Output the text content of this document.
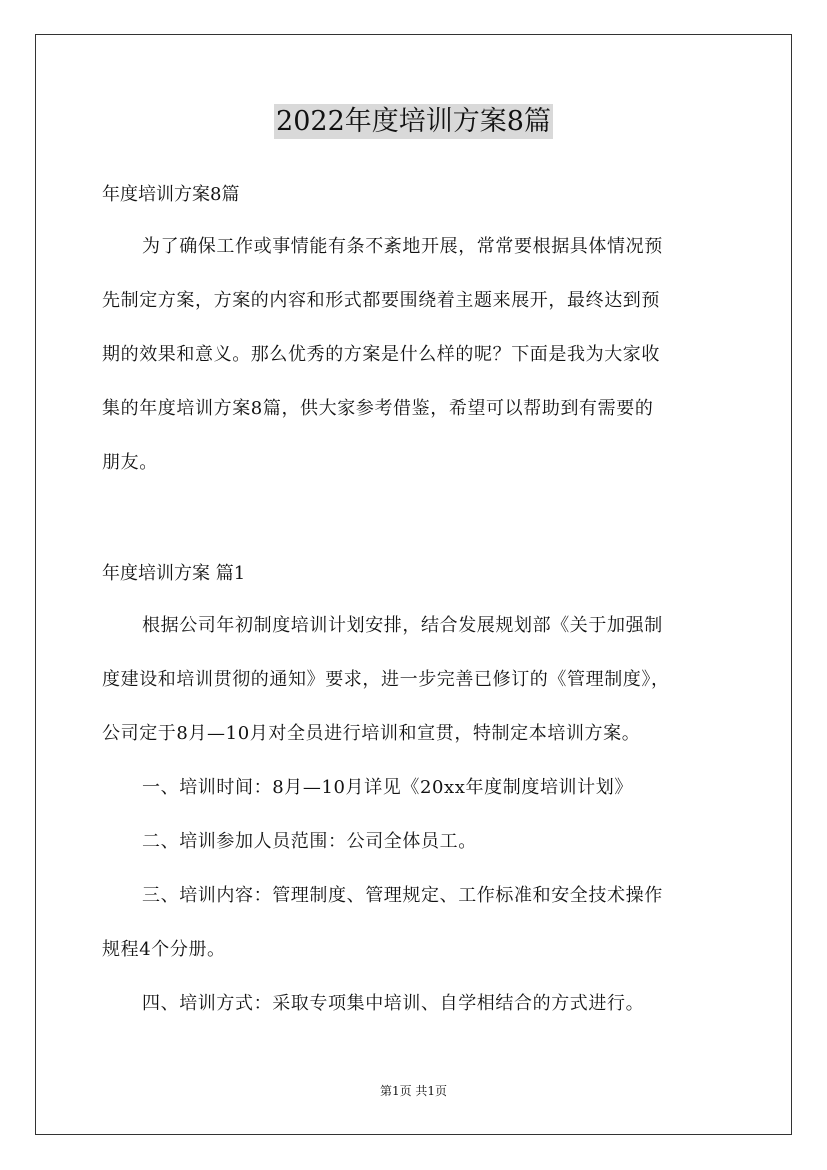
2022年度培训方案8篇

年度培训方案8篇

为了确保工作或事情能有条不紊地开展，常常要根据具体情况预
先制定方案，方案的内容和形式都要围绕着主题来展开，最终达到预
期的效果和意义。那么优秀的方案是什么样的呢？下面是我为大家收
集的年度培训方案8篇，供大家参考借鉴，希望可以帮助到有需要的
朋友。

年度培训方案 篇1

根据公司年初制度培训计划安排，结合发展规划部《关于加强制
度建设和培训贯彻的通知》要求，进一步完善已修订的《管理制度》，
公司定于8月—10月对全员进行培训和宣贯，特制定本培训方案。
一、培训时间：8月—10月详见《20xx年度制度培训计划》
二、培训参加人员范围：公司全体员工。
三、培训内容：管理制度、管理规定、工作标准和安全技术操作
规程4个分册。
四、培训方式：采取专项集中培训、自学相结合的方式进行。

第1页 共1页
